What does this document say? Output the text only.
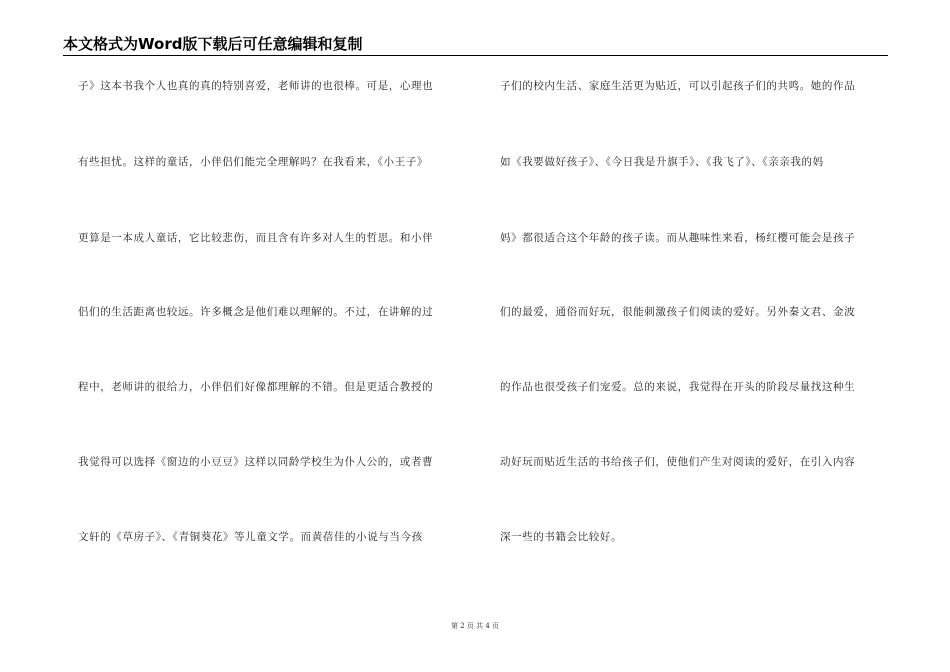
本文格式为Word版下载后可任意编辑和复制
子》这本书我个人也真的真的特别喜爱，老师讲的也很棒。可是，心理也
有些担忧。这样的童话，小伴侣们能完全理解吗？在我看来，《小王子》
更算是一本成人童话，它比较悲伤，而且含有许多对人生的哲思。和小伴
侣们的生活距离也较远。许多概念是他们难以理解的。不过，在讲解的过
程中，老师讲的很给力，小伴侣们好像都理解的不错。但是更适合教授的
我觉得可以选择《窗边的小豆豆》这样以同龄学校生为仆人公的，或者曹
文轩的《草房子》、《青铜葵花》等儿童文学。而黄蓓佳的小说与当今孩
子们的校内生活、家庭生活更为贴近，可以引起孩子们的共鸣。她的作品
如《我要做好孩子》、《今日我是升旗手》、《我飞了》、《亲亲我的妈
妈》都很适合这个年龄的孩子读。而从趣味性来看，杨红樱可能会是孩子
们的最爱，通俗而好玩，很能刺激孩子们阅读的爱好。另外秦文君、金波
的作品也很受孩子们宠爱。总的来说，我觉得在开头的阶段尽量找这种生
动好玩而贴近生活的书给孩子们，使他们产生对阅读的爱好，在引入内容
深一些的书籍会比较好。
第 2 页 共 4 页
